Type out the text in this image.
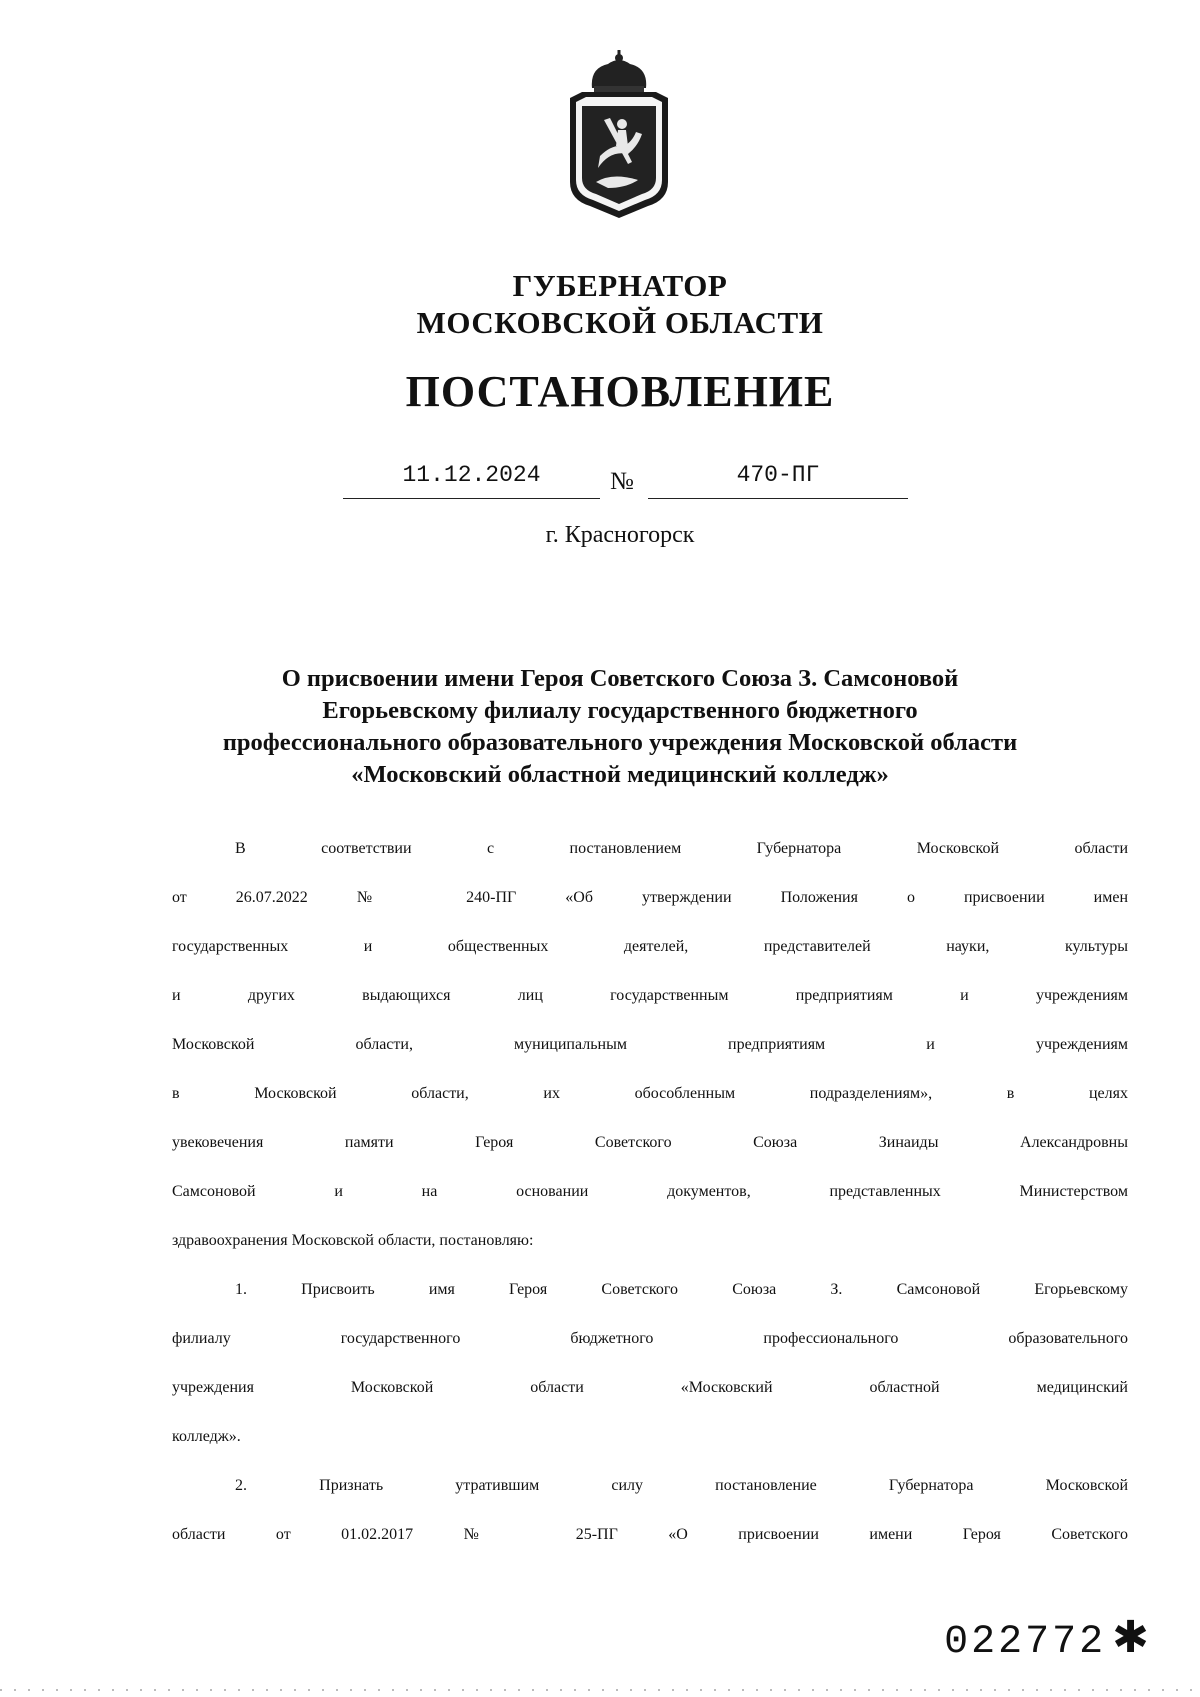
ГУБЕРНАТОР
МОСКОВСКОЙ ОБЛАСТИ
ПОСТАНОВЛЕНИЕ
11.12.2024	№	470-ПГ
г. Красногорск
О присвоении имени Героя Советского Союза З. Самсоновой
Егорьевскому филиалу государственного бюджетного
профессионального образовательного учреждения Московской области
«Московский областной медицинский колледж»
В соответствии с постановлением Губернатора Московской области
от 26.07.2022 № 240-ПГ «Об утверждении Положения о присвоении имен
государственных и общественных деятелей, представителей науки, культуры
и других выдающихся лиц государственным предприятиям и учреждениям
Московской области, муниципальным предприятиям и учреждениям
в Московской области, их обособленным подразделениям», в целях
увековечения памяти Героя Советского Союза Зинаиды Александровны
Самсоновой и на основании документов, представленных Министерством
здравоохранения Московской области, постановляю:
1. Присвоить имя Героя Советского Союза З. Самсоновой Егорьевскому
филиалу государственного бюджетного профессионального образовательного
учреждения Московской области «Московский областной медицинский
колледж».
2. Признать утратившим силу постановление Губернатора Московской
области от 01.02.2017 № 25-ПГ «О присвоении имени Героя Советского
022772 ✱
